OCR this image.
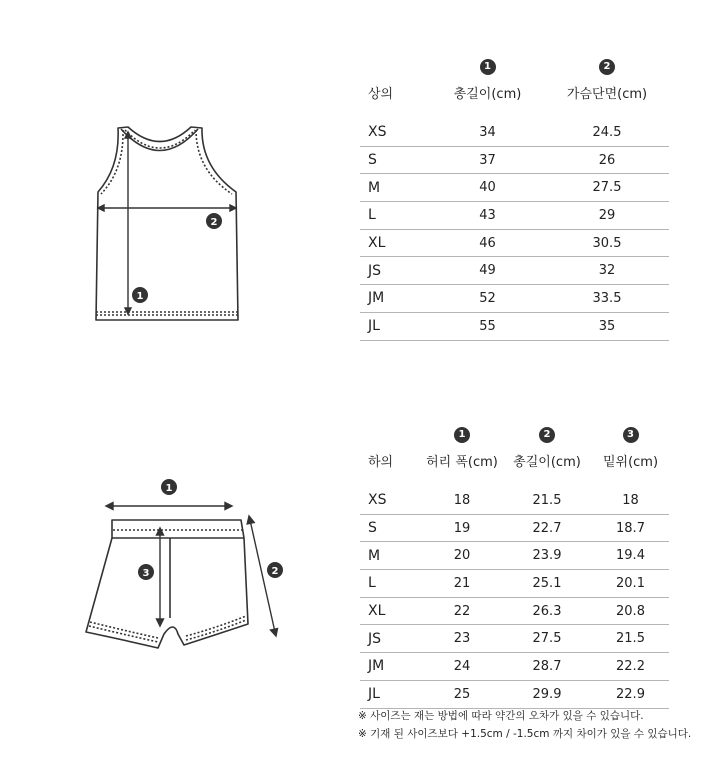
2
1
	1	2
상의	총길이(cm)	가슴단면(cm)
XS	34	24.5
S	37	26
M	40	27.5
L	43	29
XL	46	30.5
JS	49	32
JM	52	33.5
JL	55	35
1
3	2
	1	2	3
하의	허리 폭(cm)	총길이(cm)	밑위(cm)
XS	18	21.5	18
S	19	22.7	18.7
M	20	23.9	19.4
L	21	25.1	20.1
XL	22	26.3	20.8
JS	23	27.5	21.5
JM	24	28.7	22.2
JL	25	29.9	22.9
※ 사이즈는 재는 방법에 따라 약간의 오차가 있을 수 있습니다.
※ 기재 된 사이즈보다 +1.5cm / -1.5cm 까지 차이가 있을 수 있습니다.
